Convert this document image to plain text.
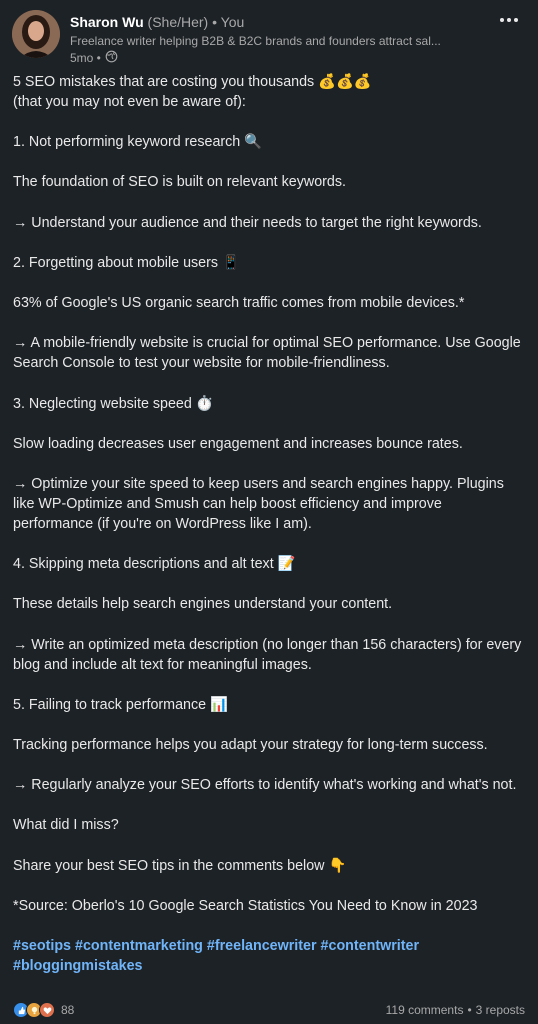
Sharon Wu (She/Her) • You
Freelance writer helping B2B & B2C brands and founders attract sal...
5mo •

5 SEO mistakes that are costing you thousands 💰💰💰
(that you may not even be aware of):

1. Not performing keyword research 🔍

The foundation of SEO is built on relevant keywords.

→ Understand your audience and their needs to target the right keywords.

2. Forgetting about mobile users 📱

63% of Google's US organic search traffic comes from mobile devices.*

→ A mobile-friendly website is crucial for optimal SEO performance. Use Google Search Console to test your website for mobile-friendliness.

3. Neglecting website speed ⏱️

Slow loading decreases user engagement and increases bounce rates.

→ Optimize your site speed to keep users and search engines happy. Plugins like WP-Optimize and Smush can help boost efficiency and improve performance (if you're on WordPress like I am).

4. Skipping meta descriptions and alt text 📝

These details help search engines understand your content.

→ Write an optimized meta description (no longer than 156 characters) for every blog and include alt text for meaningful images.

5. Failing to track performance 📊

Tracking performance helps you adapt your strategy for long-term success.

→ Regularly analyze your SEO efforts to identify what's working and what's not.

What did I miss?

Share your best SEO tips in the comments below 👇

*Source: Oberlo's 10 Google Search Statistics You Need to Know in 2023

#seotips #contentmarketing #freelancewriter #contentwriter #bloggingmistakes

88	119 comments • 3 reposts
